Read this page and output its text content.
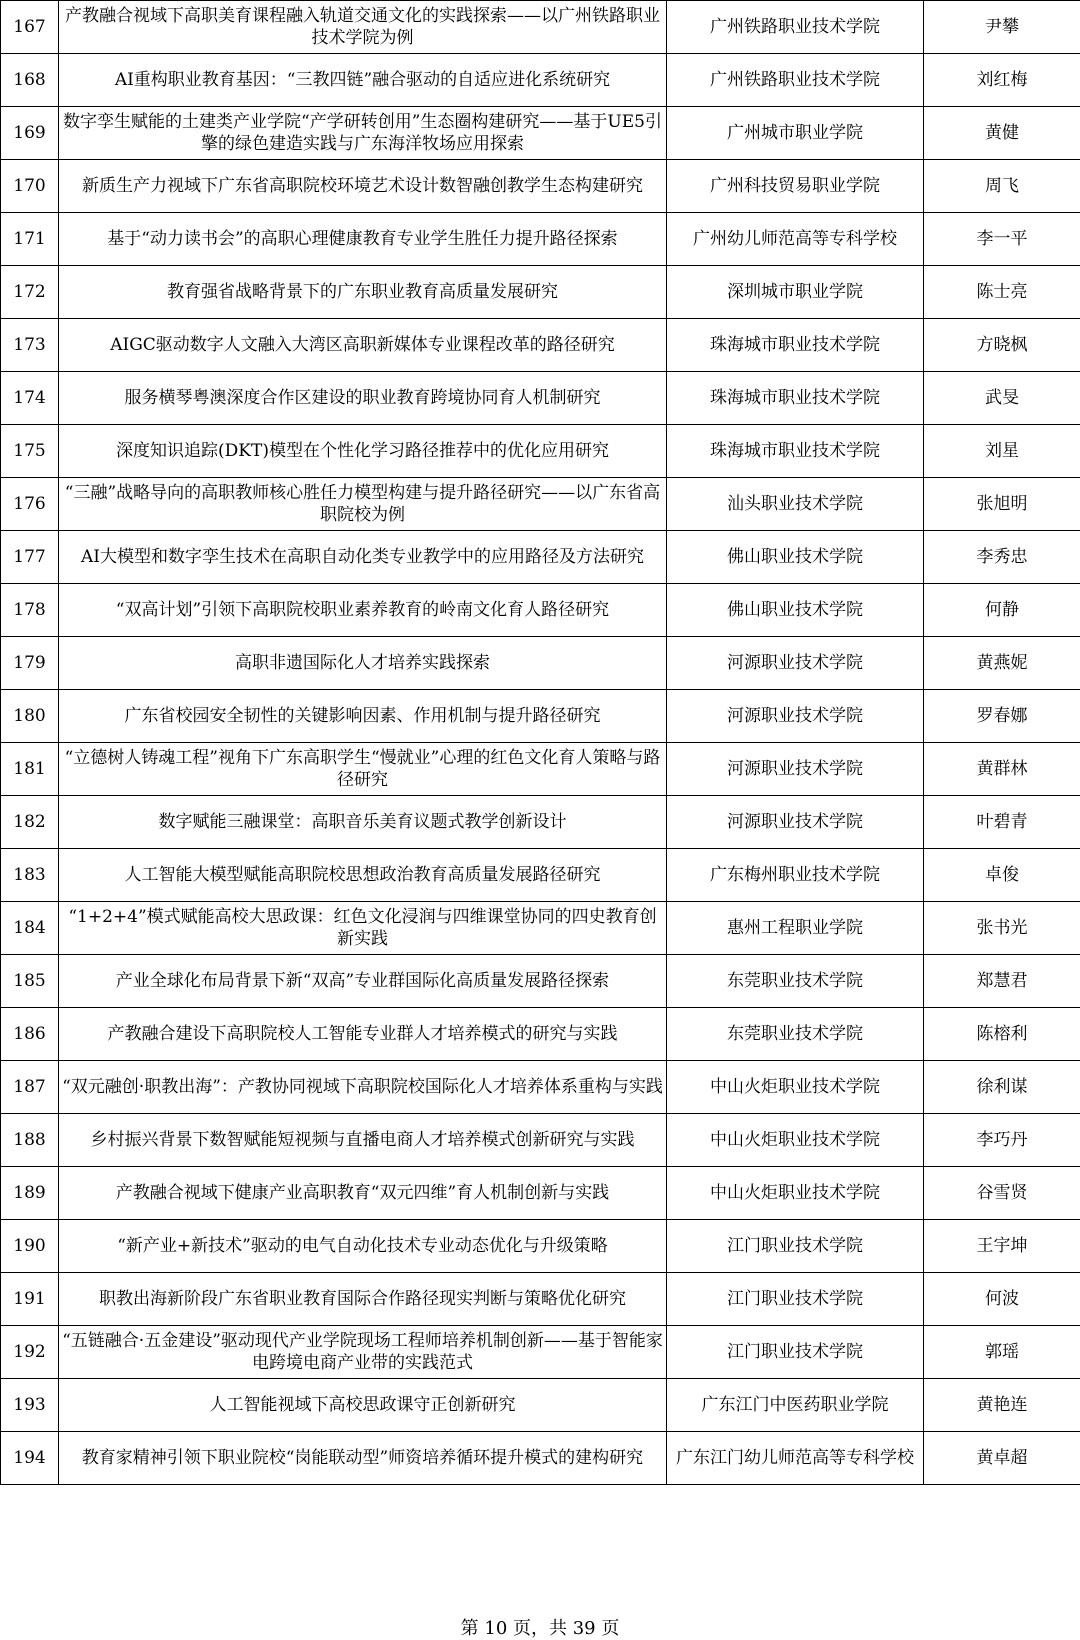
167	产教融合视域下高职美育课程融入轨道交通文化的实践探索——以广州铁路职业技术学院为例	广州铁路职业技术学院	尹攀
168	AI重构职业教育基因：“三教四链”融合驱动的自适应进化系统研究	广州铁路职业技术学院	刘红梅
169	数字孪生赋能的土建类产业学院“产学研转创用”生态圈构建研究——基于UE5引擎的绿色建造实践与广东海洋牧场应用探索	广州城市职业学院	黄健
170	新质生产力视域下广东省高职院校环境艺术设计数智融创教学生态构建研究	广州科技贸易职业学院	周飞
171	基于“动力读书会”的高职心理健康教育专业学生胜任力提升路径探索	广州幼儿师范高等专科学校	李一平
172	教育强省战略背景下的广东职业教育高质量发展研究	深圳城市职业学院	陈士亮
173	AIGC驱动数字人文融入大湾区高职新媒体专业课程改革的路径研究	珠海城市职业技术学院	方晓枫
174	服务横琴粤澳深度合作区建设的职业教育跨境协同育人机制研究	珠海城市职业技术学院	武旻
175	深度知识追踪(DKT)模型在个性化学习路径推荐中的优化应用研究	珠海城市职业技术学院	刘星
176	“三融”战略导向的高职教师核心胜任力模型构建与提升路径研究——以广东省高职院校为例	汕头职业技术学院	张旭明
177	AI大模型和数字孪生技术在高职自动化类专业教学中的应用路径及方法研究	佛山职业技术学院	李秀忠
178	“双高计划”引领下高职院校职业素养教育的岭南文化育人路径研究	佛山职业技术学院	何静
179	高职非遗国际化人才培养实践探索	河源职业技术学院	黄燕妮
180	广东省校园安全韧性的关键影响因素、作用机制与提升路径研究	河源职业技术学院	罗春娜
181	“立德树人铸魂工程”视角下广东高职学生“慢就业”心理的红色文化育人策略与路径研究	河源职业技术学院	黄群林
182	数字赋能三融课堂：高职音乐美育议题式教学创新设计	河源职业技术学院	叶碧青
183	人工智能大模型赋能高职院校思想政治教育高质量发展路径研究	广东梅州职业技术学院	卓俊
184	“1+2+4”模式赋能高校大思政课：红色文化浸润与四维课堂协同的四史教育创新实践	惠州工程职业学院	张书光
185	产业全球化布局背景下新“双高”专业群国际化高质量发展路径探索	东莞职业技术学院	郑慧君
186	产教融合建设下高职院校人工智能专业群人才培养模式的研究与实践	东莞职业技术学院	陈榕利
187	“双元融创·职教出海”：产教协同视域下高职院校国际化人才培养体系重构与实践	中山火炬职业技术学院	徐利谋
188	乡村振兴背景下数智赋能短视频与直播电商人才培养模式创新研究与实践	中山火炬职业技术学院	李巧丹
189	产教融合视域下健康产业高职教育“双元四维”育人机制创新与实践	中山火炬职业技术学院	谷雪贤
190	“新产业+新技术”驱动的电气自动化技术专业动态优化与升级策略	江门职业技术学院	王宇坤
191	职教出海新阶段广东省职业教育国际合作路径现实判断与策略优化研究	江门职业技术学院	何波
192	“五链融合·五金建设”驱动现代产业学院现场工程师培养机制创新——基于智能家电跨境电商产业带的实践范式	江门职业技术学院	郭瑶
193	人工智能视域下高校思政课守正创新研究	广东江门中医药职业学院	黄艳连
194	教育家精神引领下职业院校“岗能联动型”师资培养循环提升模式的建构研究	广东江门幼儿师范高等专科学校	黄卓超
第 10 页，共 39 页
